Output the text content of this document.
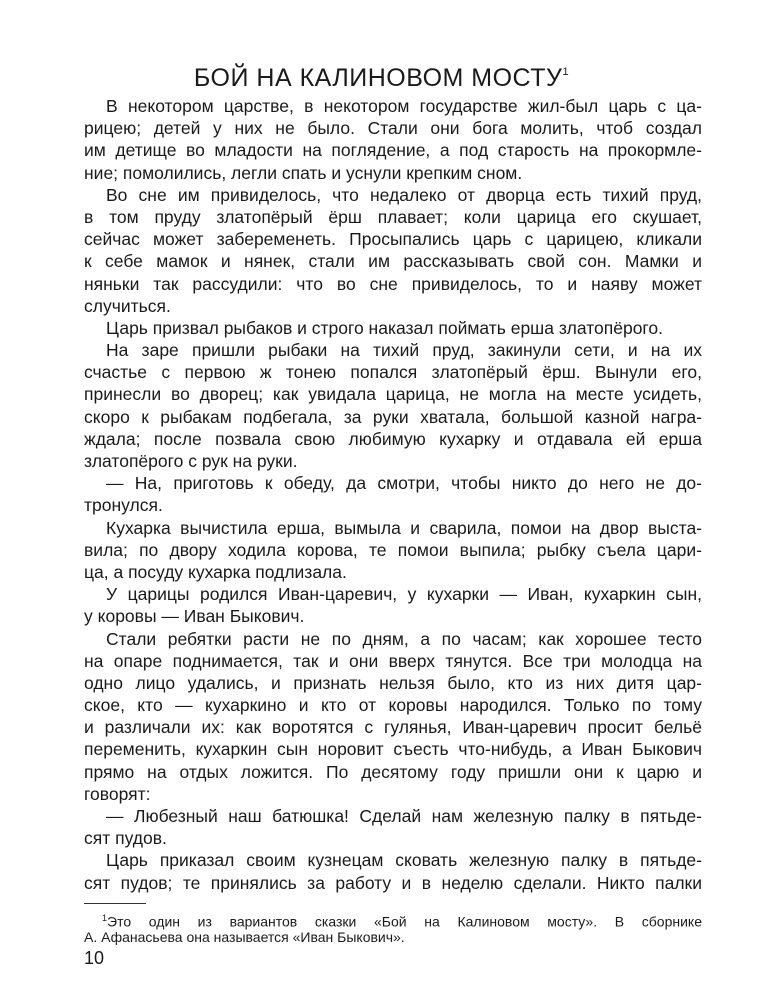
БОЙ НА КАЛИНОВОМ МОСТУ$^1$
В некотором царстве, в некотором государстве жил-был царь с ца-
рицею; детей у них не было. Стали они бога молить, чтоб создал
им детище во младости на поглядение, а под старость на прокормле-
ние; помолились, легли спать и уснули крепким сном.
Во сне им привиделось, что недалеко от дворца есть тихий пруд,
в том пруду златопёрый ёрш плавает; коли царица его скушает,
сейчас может забеременеть. Просыпались царь с царицею, кликали
к себе мамок и нянек, стали им рассказывать свой сон. Мамки и
няньки так рассудили: что во сне привиделось, то и наяву может
случиться.
Царь призвал рыбаков и строго наказал поймать ерша златопёрого.
На заре пришли рыбаки на тихий пруд, закинули сети, и на их
счастье с первою ж тонею попался златопёрый ёрш. Вынули его,
принесли во дворец; как увидала царица, не могла на месте усидеть,
скоро к рыбакам подбегала, за руки хватала, большой казной награ-
ждала; после позвала свою любимую кухарку и отдавала ей ерша
златопёрого с рук на руки.
— На, приготовь к обеду, да смотри, чтобы никто до него не до-
тронулся.
Кухарка вычистила ерша, вымыла и сварила, помои на двор выста-
вила; по двору ходила корова, те помои выпила; рыбку съела цари-
ца, а посуду кухарка подлизала.
У царицы родился Иван-царевич, у кухарки — Иван, кухаркин сын,
у коровы — Иван Быкович.
Стали ребятки расти не по дням, а по часам; как хорошее тесто
на опаре поднимается, так и они вверх тянутся. Все три молодца на
одно лицо удались, и признать нельзя было, кто из них дитя цар-
ское, кто — кухаркино и кто от коровы народился. Только по тому
и различали их: как воротятся с гулянья, Иван-царевич просит бельё
переменить, кухаркин сын норовит съесть что-нибудь, а Иван Быкович
прямо на отдых ложится. По десятому году пришли они к царю и
говорят:
— Любезный наш батюшка! Сделай нам железную палку в пятьде-
сят пудов.
Царь приказал своим кузнецам сковать железную палку в пятьде-
сят пудов; те принялись за работу и в неделю сделали. Никто палки
$^1$Это один из вариантов сказки «Бой на Калиновом мосту». В сборнике
А. Афанасьева она называется «Иван Быкович».
10
